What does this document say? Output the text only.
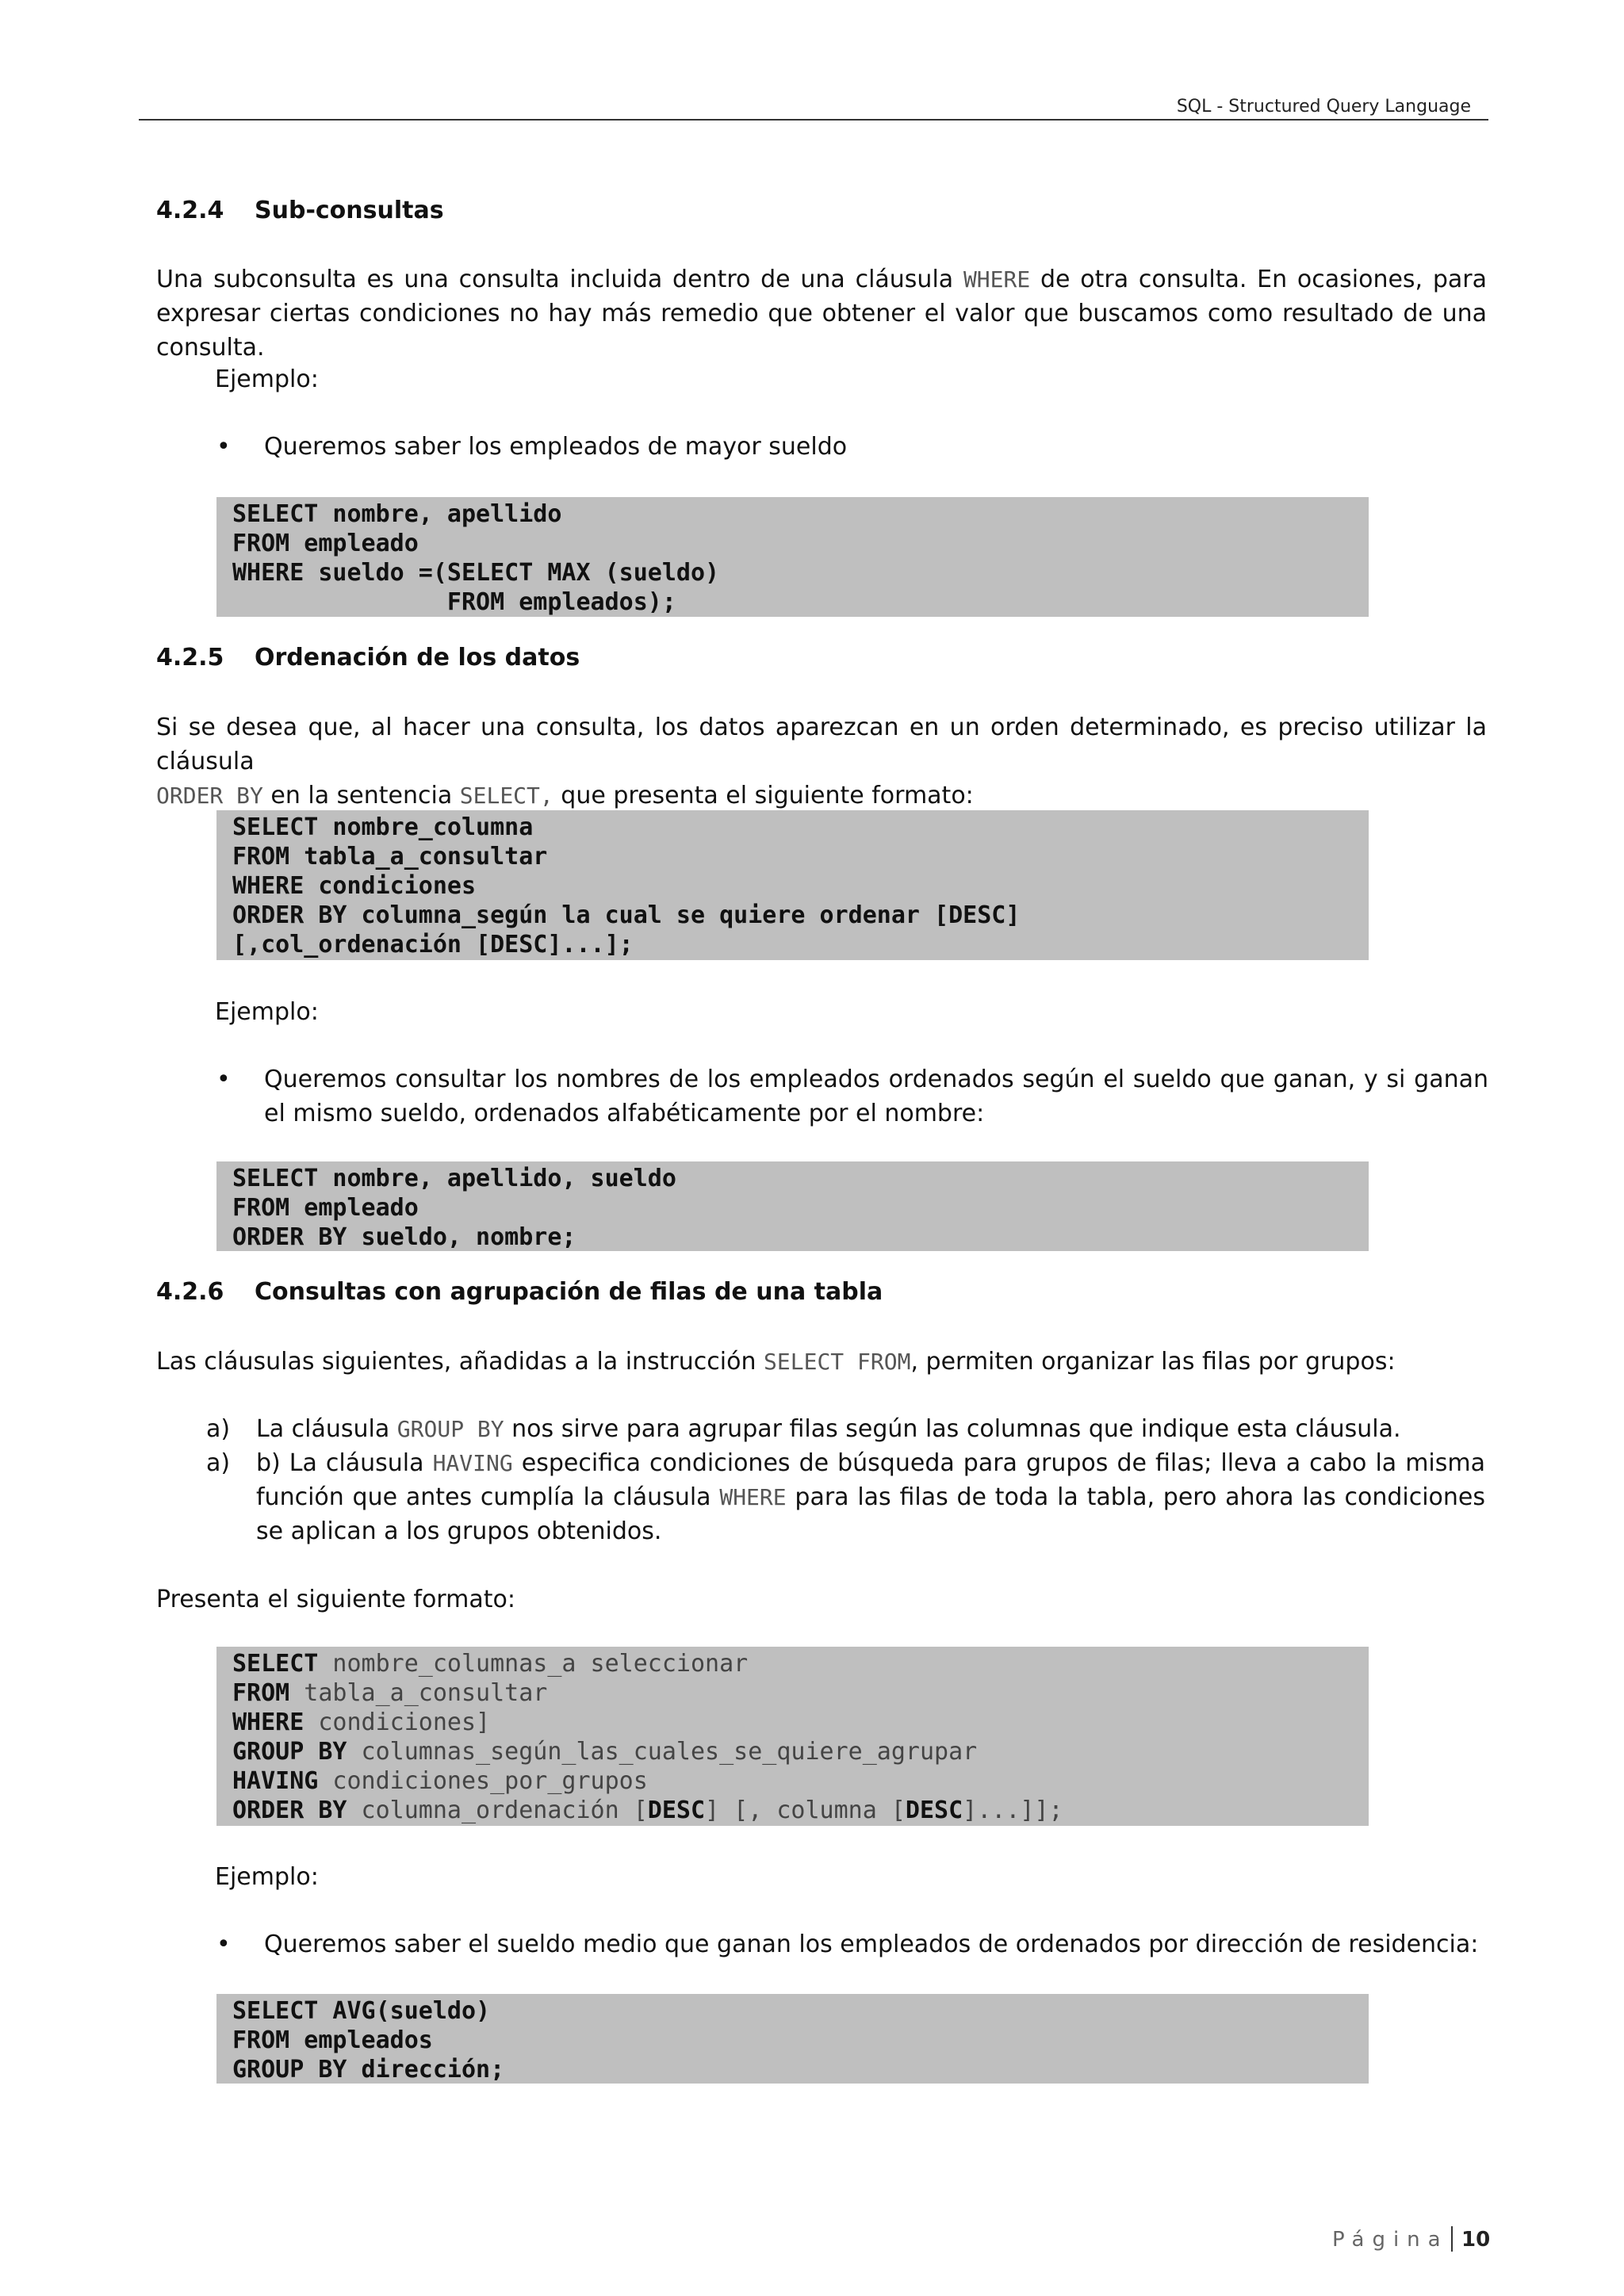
SQL - Structured Query Language
4.2.4 Sub-consultas
Una subconsulta es una consulta incluida dentro de una cláusula WHERE de otra consulta. En ocasiones, para expresar ciertas condiciones no hay más remedio que obtener el valor que buscamos como resultado de una consulta.
Ejemplo:
• Queremos saber los empleados de mayor sueldo
SELECT nombre, apellido
FROM empleado
WHERE sueldo =(SELECT MAX (sueldo)
FROM empleados);
4.2.5 Ordenación de los datos
Si se desea que, al hacer una consulta, los datos aparezcan en un orden determinado, es preciso utilizar la cláusula
ORDER BY en la sentencia SELECT, que presenta el siguiente formato:
SELECT nombre_columna
FROM tabla_a_consultar
WHERE condiciones
ORDER BY columna_según la cual se quiere ordenar [DESC]
[,col_ordenación [DESC]...];
Ejemplo:
• Queremos consultar los nombres de los empleados ordenados según el sueldo que ganan, y si ganan el mismo sueldo, ordenados alfabéticamente por el nombre:
SELECT nombre, apellido, sueldo
FROM empleado
ORDER BY sueldo, nombre;
4.2.6 Consultas con agrupación de filas de una tabla
Las cláusulas siguientes, añadidas a la instrucción SELECT FROM, permiten organizar las filas por grupos:
a) La cláusula GROUP BY nos sirve para agrupar filas según las columnas que indique esta cláusula.
a) b) La cláusula HAVING especifica condiciones de búsqueda para grupos de filas; lleva a cabo la misma función que antes cumplía la cláusula WHERE para las filas de toda la tabla, pero ahora las condiciones se aplican a los grupos obtenidos.
Presenta el siguiente formato:
SELECT nombre_columnas_a seleccionar
FROM tabla_a_consultar
WHERE condiciones]
GROUP BY columnas_según_las_cuales_se_quiere_agrupar
HAVING condiciones_por_grupos
ORDER BY columna_ordenación [DESC] [, columna [DESC]...]];
Ejemplo:
• Queremos saber el sueldo medio que ganan los empleados de ordenados por dirección de residencia:
SELECT AVG(sueldo)
FROM empleados
GROUP BY dirección;
Página 10
